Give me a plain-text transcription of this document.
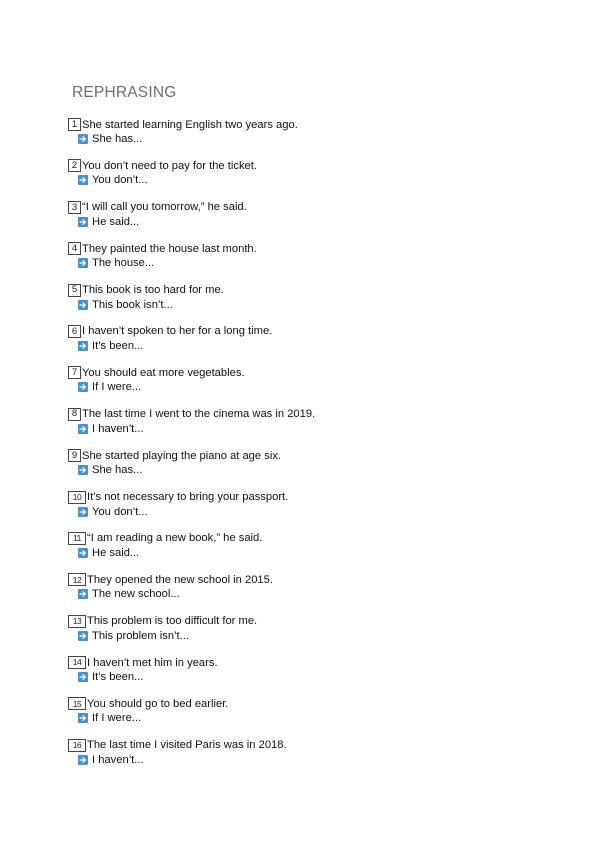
REPHRASING
1 She started learning English two years ago.
She has...
2 You don’t need to pay for the ticket.
You don’t...
3 “I will call you tomorrow,” he said.
He said...
4 They painted the house last month.
The house...
5 This book is too hard for me.
This book isn’t...
6 I haven’t spoken to her for a long time.
It’s been...
7 You should eat more vegetables.
If I were...
8 The last time I went to the cinema was in 2019.
I haven’t...
9 She started playing the piano at age six.
She has...
10 It’s not necessary to bring your passport.
You don’t...
11 “I am reading a new book,” he said.
He said...
12 They opened the new school in 2015.
The new school...
13 This problem is too difficult for me.
This problem isn’t...
14 I haven’t met him in years.
It’s been...
15 You should go to bed earlier.
If I were...
16 The last time I visited Paris was in 2018.
I haven’t...
